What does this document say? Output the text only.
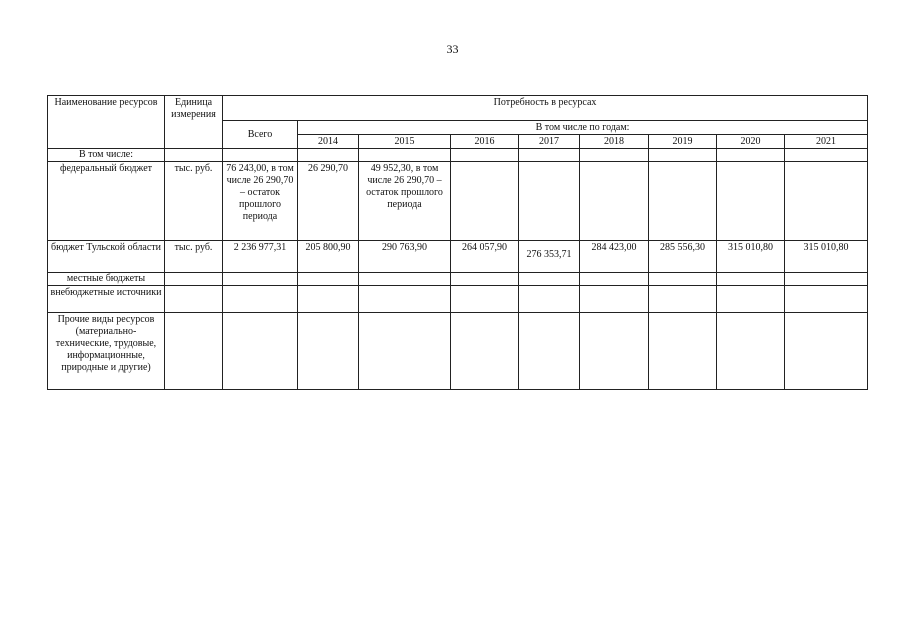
33
Наименование ресурсов	Единица измерения	Потребность в ресурсах								
		Всего	В том числе по годам:							
			2014	2015	2016	2017	2018	2019	2020	2021
В том числе:										
федеральный бюджет	тыс. руб.	76 243,00, в том числе 26 290,70 – остаток прошлого периода	26 290,70	49 952,30, в том числе 26 290,70 – остаток прошлого периода						
бюджет Тульской области	тыс. руб.	2 236 977,31	205 800,90	290 763,90	264 057,90	276 353,71	284 423,00	285 556,30	315 010,80	315 010,80
местные бюджеты										
внебюджетные источники										
Прочие виды ресурсов (материально-технические, трудовые, информационные, природные и другие)										
